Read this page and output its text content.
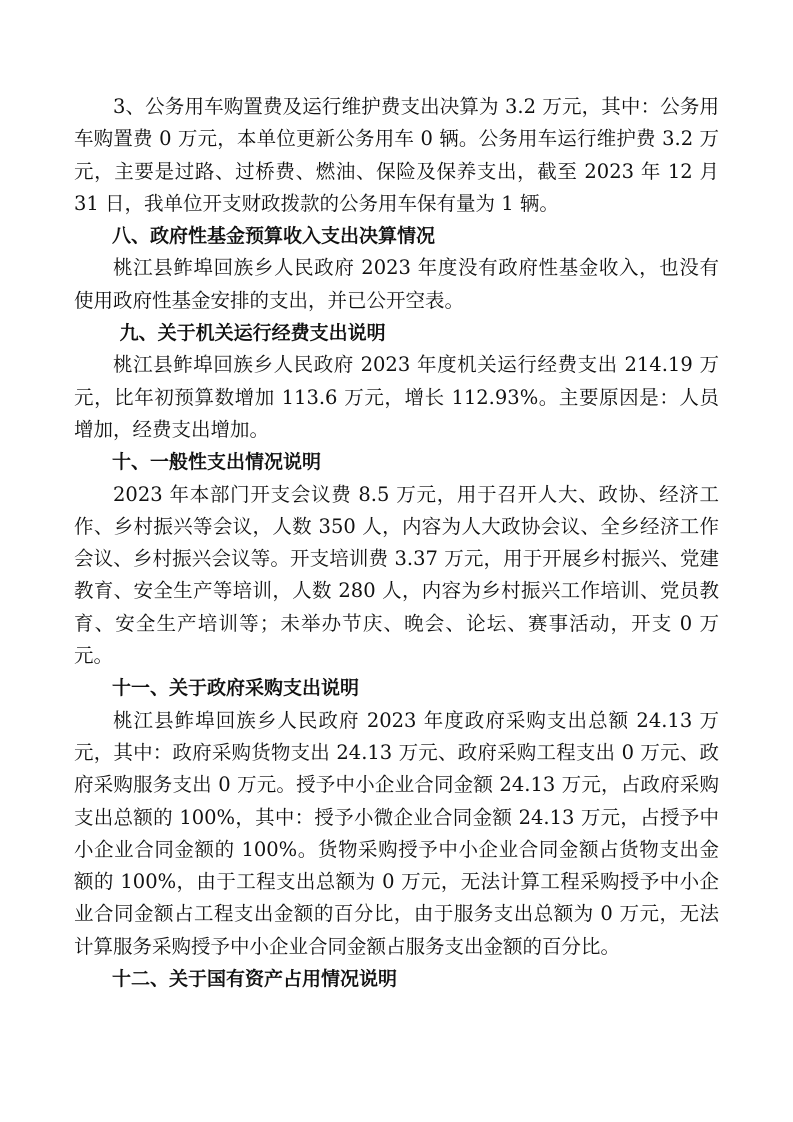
3、公务用车购置费及运行维护费支出决算为 3.2 万元，其中：公务用车购置费 0 万元，本单位更新公务用车 0 辆。公务用车运行维护费 3.2 万元，主要是过路、过桥费、燃油、保险及保养支出，截至 2023 年 12 月 31 日，我单位开支财政拨款的公务用车保有量为 1 辆。

八、政府性基金预算收入支出决算情况

桃江县鲊埠回族乡人民政府 2023 年度没有政府性基金收入，也没有使用政府性基金安排的支出，并已公开空表。

九、关于机关运行经费支出说明

桃江县鲊埠回族乡人民政府 2023 年度机关运行经费支出 214.19 万元，比年初预算数增加 113.6 万元，增长 112.93%。主要原因是：人员增加，经费支出增加。

十、一般性支出情况说明

2023 年本部门开支会议费 8.5 万元，用于召开人大、政协、经济工作、乡村振兴等会议，人数 350 人，内容为人大政协会议、全乡经济工作会议、乡村振兴会议等。开支培训费 3.37 万元，用于开展乡村振兴、党建教育、安全生产等培训，人数 280 人，内容为乡村振兴工作培训、党员教育、安全生产培训等；未举办节庆、晚会、论坛、赛事活动，开支 0 万元。

十一、关于政府采购支出说明

桃江县鲊埠回族乡人民政府 2023 年度政府采购支出总额 24.13 万元，其中：政府采购货物支出 24.13 万元、政府采购工程支出 0 万元、政府采购服务支出 0 万元。授予中小企业合同金额 24.13 万元，占政府采购支出总额的 100%，其中：授予小微企业合同金额 24.13 万元，占授予中小企业合同金额的 100%。货物采购授予中小企业合同金额占货物支出金额的 100%，由于工程支出总额为 0 万元，无法计算工程采购授予中小企业合同金额占工程支出金额的百分比，由于服务支出总额为 0 万元，无法计算服务采购授予中小企业合同金额占服务支出金额的百分比。

十二、关于国有资产占用情况说明
